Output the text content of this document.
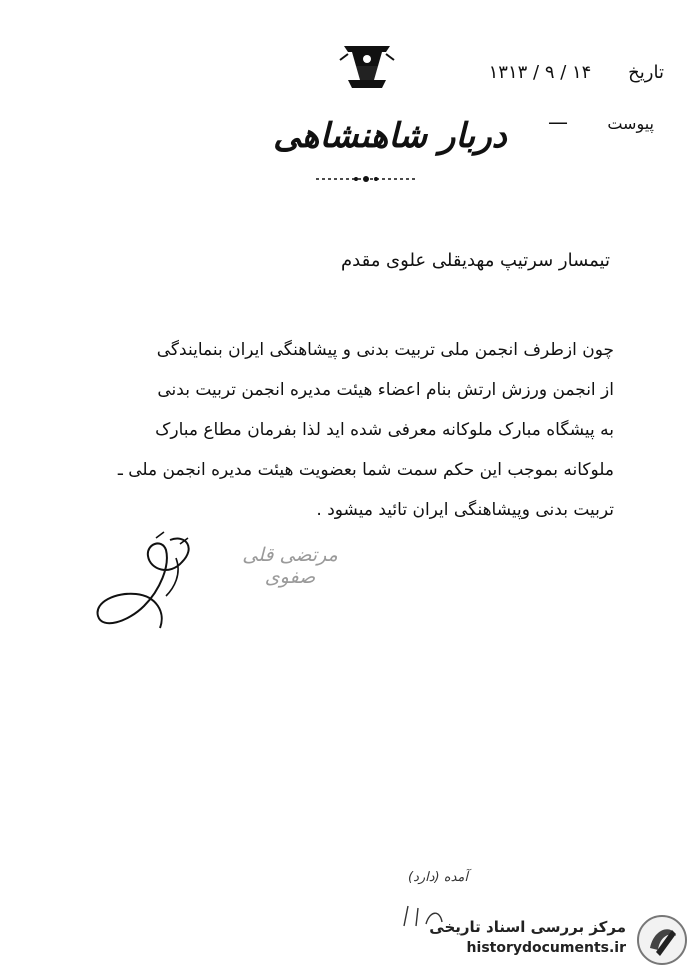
تاریخ
۱۳۱۳ / ۹ / ۱۴
پیوست
—
دربار شاهنشاهی
تیمسار سرتیپ مهدیقلی علوی مقدم
چون ازطرف انجمن ملی تربیت بدنی و پیشاهنگی ایران بنمایندگی
از انجمن ورزش ارتش بنام اعضاء هیئت مدیره انجمن تربیت بدنی
به پیشگاه مبارک ملوکانه معرفی شده اید لذا بفرمان مطاع مبارک
ملوکانه بموجب این حکم سمت شما بعضویت هیئت مدیره انجمن ملی ـ
تربیت بدنی وپیشاهنگی ایران تائید میشود .
مرتضی قلی صفوی
آمده (دارد)
مرکز بررسی اسناد تاریخی
historydocuments.ir
